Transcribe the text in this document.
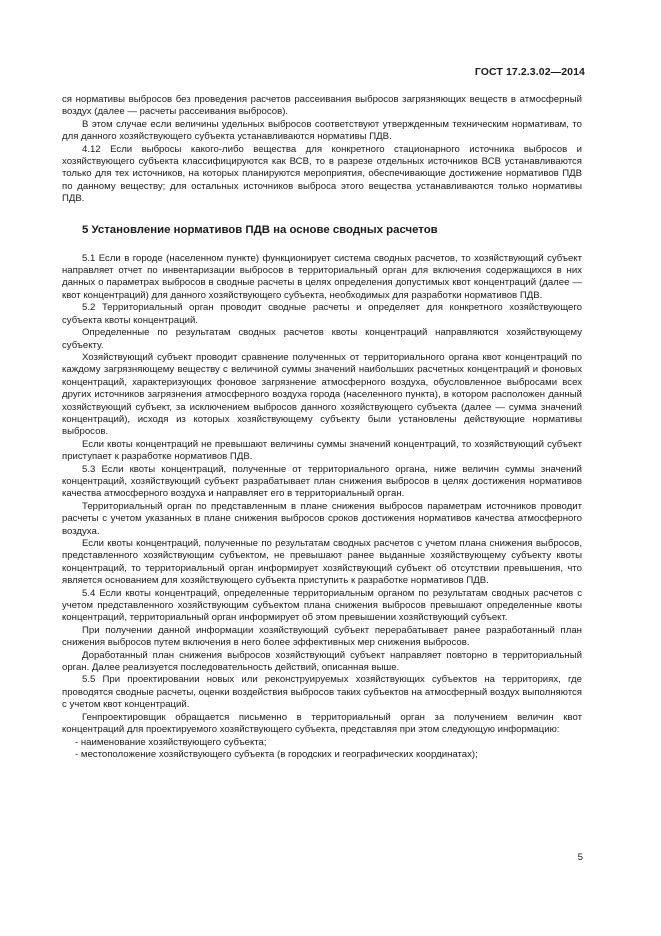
ГОСТ 17.2.3.02—2014

ся нормативы выбросов без проведения расчетов рассеивания выбросов загрязняющих веществ в атмосферный воздух (далее — расчеты рассеивания выбросов).

В этом случае если величины удельных выбросов соответствуют утвержденным техническим нормативам, то для данного хозяйствующего субъекта устанавливаются нормативы ПДВ.

4.12 Если выбросы какого-либо вещества для конкретного стационарного источника выбросов и хозяйствующего субъекта классифицируются как ВСВ, то в разрезе отдельных источников ВСВ устанавливаются только для тех источников, на которых планируются мероприятия, обеспечивающие достижение нормативов ПДВ по данному веществу; для остальных источников выброса этого вещества устанавливаются только нормативы ПДВ.

5 Установление нормативов ПДВ на основе сводных расчетов

5.1 Если в городе (населенном пункте) функционирует система сводных расчетов, то хозяйствующий субъект направляет отчет по инвентаризации выбросов в территориальный орган для включения содержащихся в них данных о параметрах выбросов в сводные расчеты в целях определения допустимых квот концентраций (далее — квот концентраций) для данного хозяйствующего субъекта, необходимых для разработки нормативов ПДВ.

5.2 Территориальный орган проводит сводные расчеты и определяет для конкретного хозяйствующего субъекта квоты концентраций.

Определенные по результатам сводных расчетов квоты концентраций направляются хозяйствующему субъекту.

Хозяйствующий субъект проводит сравнение полученных от территориального органа квот концентраций по каждому загрязняющему веществу с величиной суммы значений наибольших расчетных концентраций и фоновых концентраций, характеризующих фоновое загрязнение атмосферного воздуха, обусловленное выбросами всех других источников загрязнения атмосферного воздуха города (населенного пункта), в котором расположен данный хозяйствующий субъект, за исключением выбросов данного хозяйствующего субъекта (далее — сумма значений концентраций), исходя из которых хозяйствующему субъекту были установлены действующие нормативы выбросов.

Если квоты концентраций не превышают величины суммы значений концентраций, то хозяйствующий субъект приступает к разработке нормативов ПДВ.

5.3 Если квоты концентраций, полученные от территориального органа, ниже величин суммы значений концентраций, хозяйствующий субъект разрабатывает план снижения выбросов в целях достижения нормативов качества атмосферного воздуха и направляет его в территориальный орган.

Территориальный орган по представленным в плане снижения выбросов параметрам источников проводит расчеты с учетом указанных в плане снижения выбросов сроков достижения нормативов качества атмосферного воздуха.

Если квоты концентраций, полученные по результатам сводных расчетов с учетом плана снижения выбросов, представленного хозяйствующим субъектом, не превышают ранее выданные хозяйствующему субъекту квоты концентраций, то территориальный орган информирует хозяйствующий субъект об отсутствии превышения, что является основанием для хозяйствующего субъекта приступить к разработке нормативов ПДВ.

5.4 Если квоты концентраций, определенные территориальным органом по результатам сводных расчетов с учетом представленного хозяйствующим субъектом плана снижения выбросов превышают определенные квоты концентраций, территориальный орган информирует об этом превышении хозяйствующий субъект.

При получении данной информации хозяйствующий субъект перерабатывает ранее разработанный план снижения выбросов путем включения в него более эффективных мер снижения выбросов.

Доработанный план снижения выбросов хозяйствующий субъект направляет повторно в территориальный орган. Далее реализуется последовательность действий, описанная выше.

5.5 При проектировании новых или реконструируемых хозяйствующих субъектов на территориях, где проводятся сводные расчеты, оценки воздействия выбросов таких субъектов на атмосферный воздух выполняются с учетом квот концентраций.

Генпроектировщик обращается письменно в территориальный орган за получением величин квот концентраций для проектируемого хозяйствующего субъекта, представляя при этом следующую информацию:

- наименование хозяйствующего субъекта;

- местоположение хозяйствующего субъекта (в городских и географических координатах);

5
